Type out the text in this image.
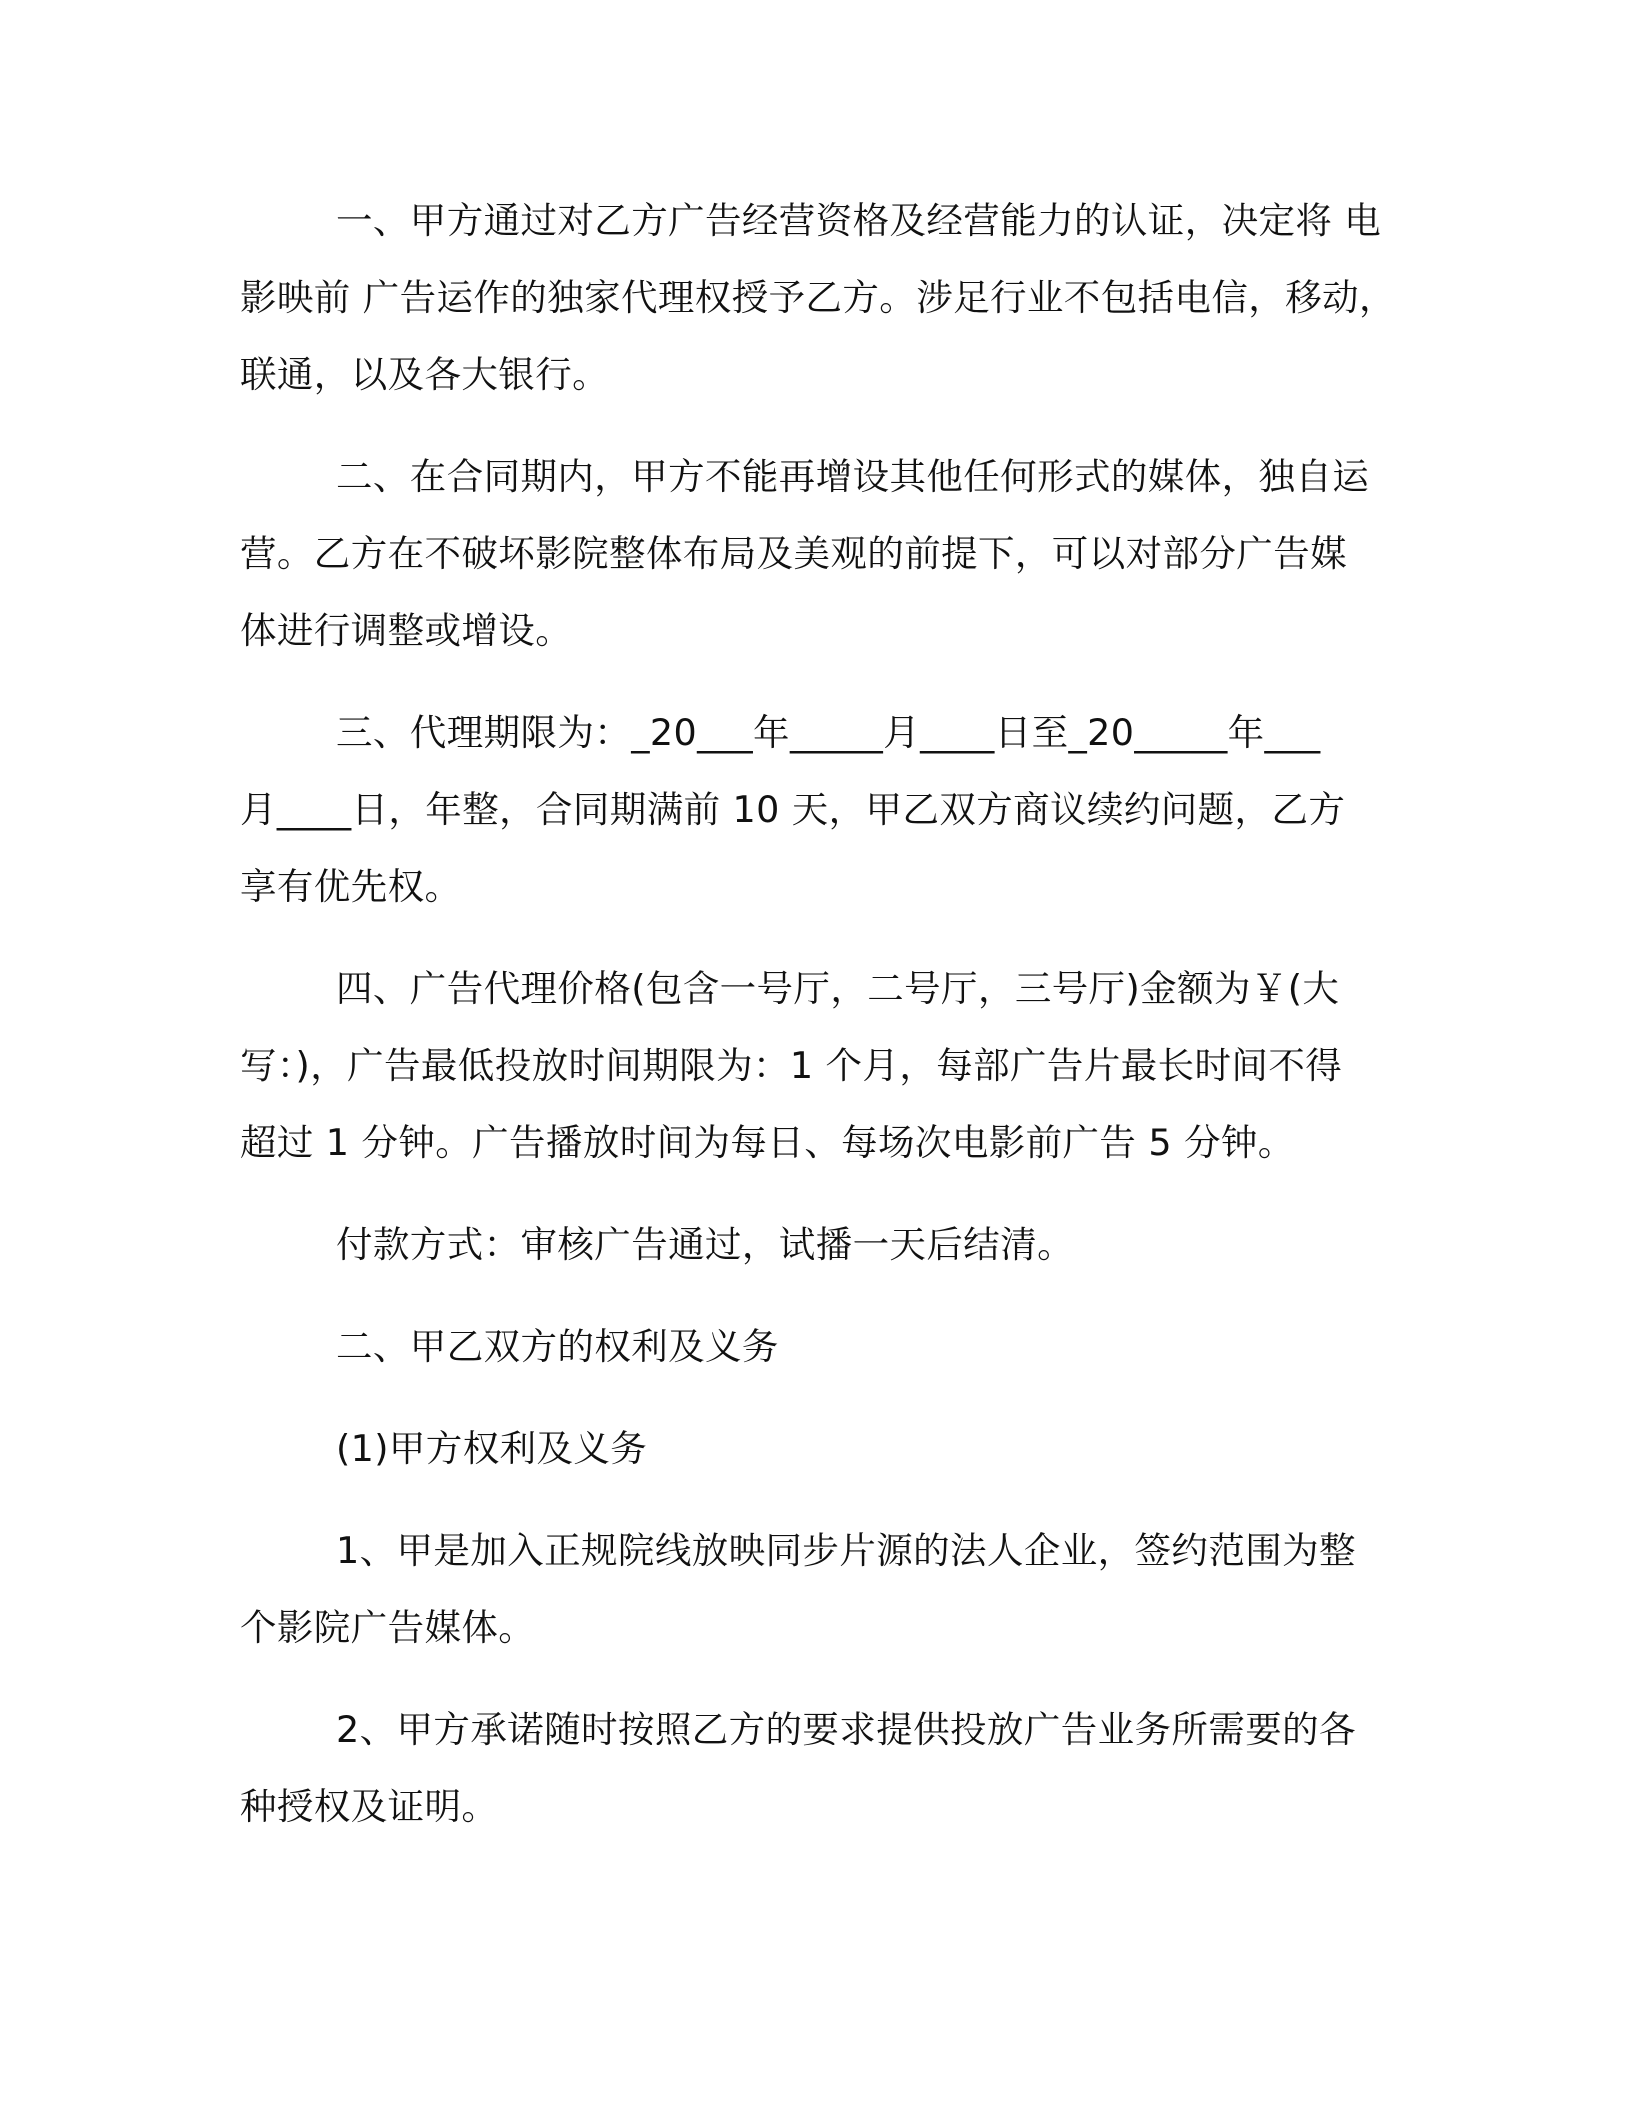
一、甲方通过对乙方广告经营资格及经营能力的认证，决定将 电
影映前 广告运作的独家代理权授予乙方。涉足行业不包括电信，移动，
联通，以及各大银行。

二、在合同期内，甲方不能再增设其他任何形式的媒体，独自运
营。乙方在不破坏影院整体布局及美观的前提下，可以对部分广告媒
体进行调整或增设。

三、代理期限为：_20___年_____月____日至_20_____年___
月____日，年整，合同期满前 10 天，甲乙双方商议续约问题，乙方
享有优先权。

四、广告代理价格(包含一号厅，二号厅，三号厅)金额为￥(大
写：)，广告最低投放时间期限为：1 个月，每部广告片最长时间不得
超过 1 分钟。广告播放时间为每日、每场次电影前广告 5 分钟。

付款方式：审核广告通过，试播一天后结清。

二、甲乙双方的权利及义务

(1)甲方权利及义务

1、甲是加入正规院线放映同步片源的法人企业，签约范围为整
个影院广告媒体。

2、甲方承诺随时按照乙方的要求提供投放广告业务所需要的各
种授权及证明。
